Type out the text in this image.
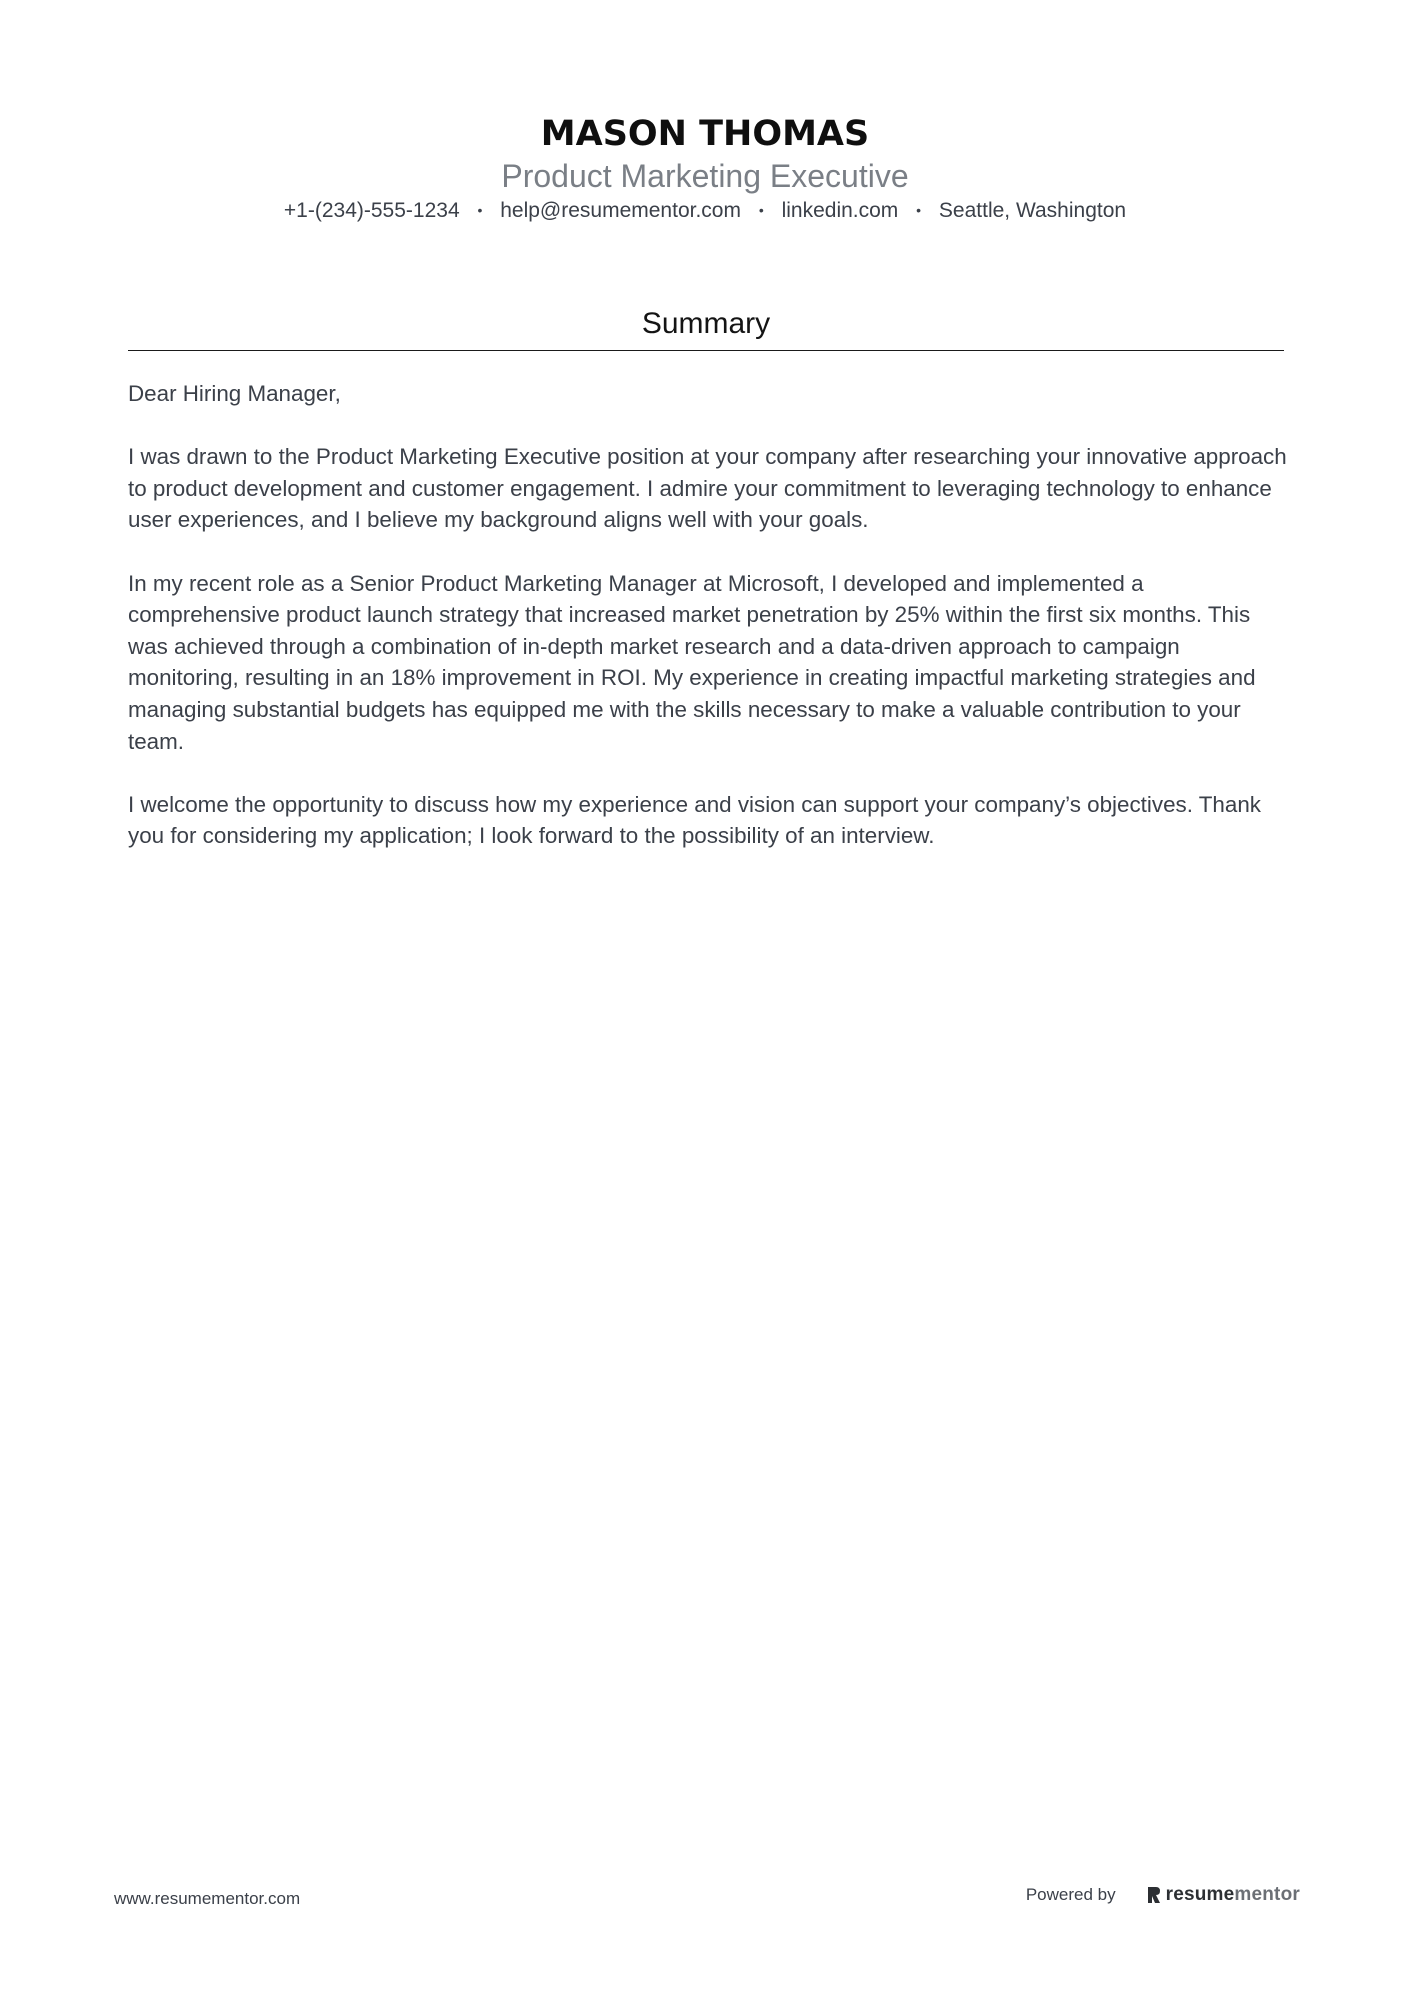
MASON THOMAS
Product Marketing Executive
+1-(234)-555-1234 • help@resumementor.com • linkedin.com • Seattle, Washington
Summary

Dear Hiring Manager,

I was drawn to the Product Marketing Executive position at your company after researching your innovative approach to product development and customer engagement. I admire your commitment to leveraging technology to enhance user experiences, and I believe my background aligns well with your goals.

In my recent role as a Senior Product Marketing Manager at Microsoft, I developed and implemented a comprehensive product launch strategy that increased market penetration by 25% within the first six months. This was achieved through a combination of in-depth market research and a data-driven approach to campaign monitoring, resulting in an 18% improvement in ROI. My experience in creating impactful marketing strategies and managing substantial budgets has equipped me with the skills necessary to make a valuable contribution to your team.

I welcome the opportunity to discuss how my experience and vision can support your company’s objectives. Thank you for considering my application; I look forward to the possibility of an interview.

www.resumementor.com	Powered by	resume mentor
